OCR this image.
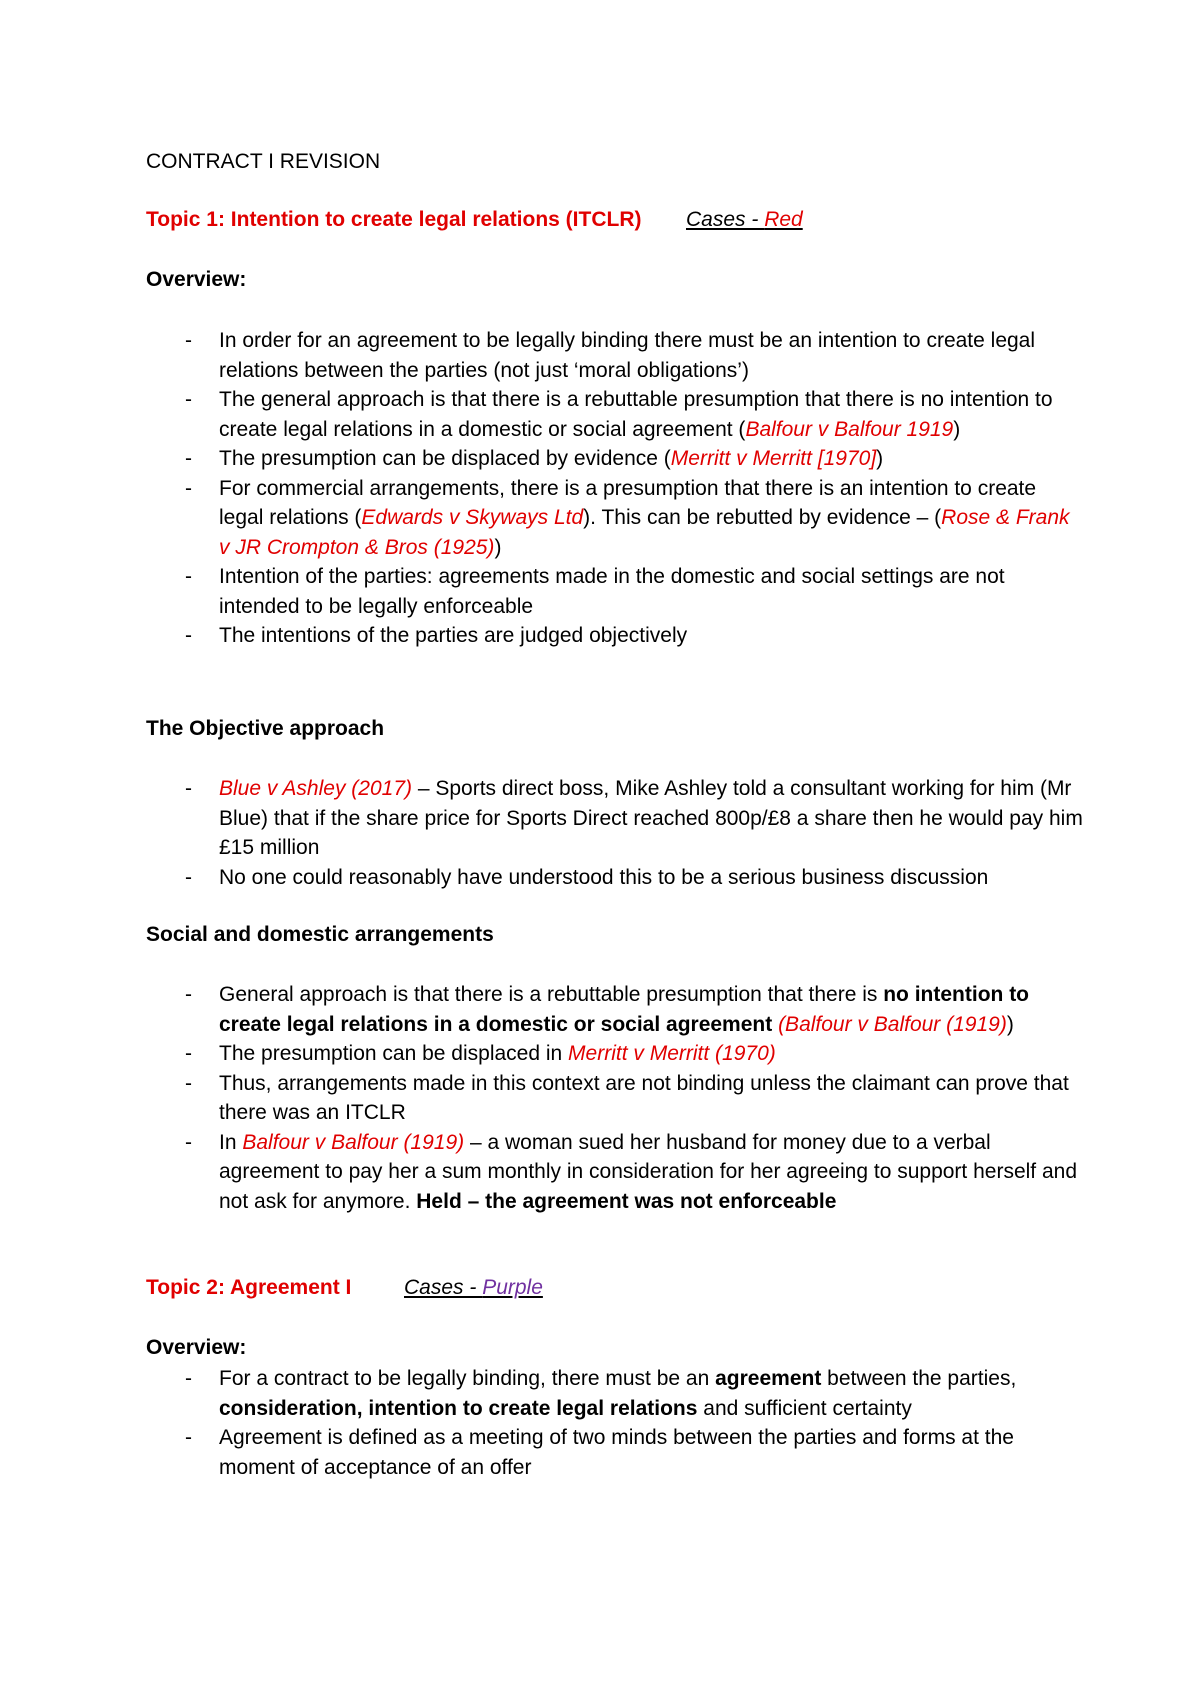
CONTRACT I REVISION
Topic 1: Intention to create legal relations (ITCLR) Cases - Red
Overview:
- In order for an agreement to be legally binding there must be an intention to create legal relations between the parties (not just ‘moral obligations’)
- The general approach is that there is a rebuttable presumption that there is no intention to create legal relations in a domestic or social agreement (Balfour v Balfour 1919)
- The presumption can be displaced by evidence (Merritt v Merritt [1970])
- For commercial arrangements, there is a presumption that there is an intention to create legal relations (Edwards v Skyways Ltd). This can be rebutted by evidence – (Rose & Frank v JR Crompton & Bros (1925))
- Intention of the parties: agreements made in the domestic and social settings are not intended to be legally enforceable
- The intentions of the parties are judged objectively
The Objective approach
- Blue v Ashley (2017) – Sports direct boss, Mike Ashley told a consultant working for him (Mr Blue) that if the share price for Sports Direct reached 800p/£8 a share then he would pay him £15 million
- No one could reasonably have understood this to be a serious business discussion
Social and domestic arrangements
- General approach is that there is a rebuttable presumption that there is no intention to create legal relations in a domestic or social agreement (Balfour v Balfour (1919))
- The presumption can be displaced in Merritt v Merritt (1970)
- Thus, arrangements made in this context are not binding unless the claimant can prove that there was an ITCLR
- In Balfour v Balfour (1919) – a woman sued her husband for money due to a verbal agreement to pay her a sum monthly in consideration for her agreeing to support herself and not ask for anymore. Held – the agreement was not enforceable
Topic 2: Agreement I	Cases - Purple
Overview:
- For a contract to be legally binding, there must be an agreement between the parties, consideration, intention to create legal relations and sufficient certainty
- Agreement is defined as a meeting of two minds between the parties and forms at the moment of acceptance of an offer
